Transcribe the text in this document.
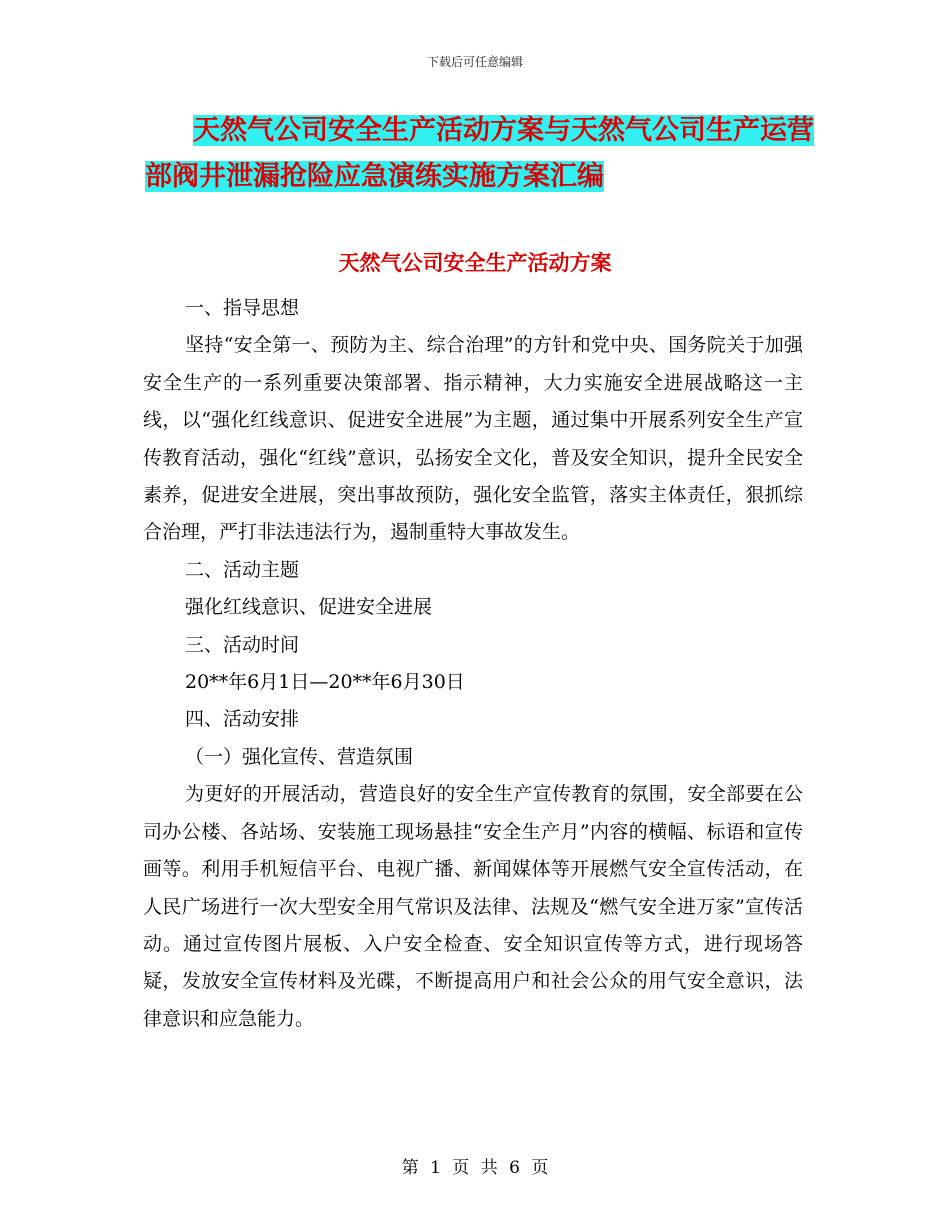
下载后可任意编辑
天然气公司安全生产活动方案与天然气公司生产运营
部阀井泄漏抢险应急演练实施方案汇编
天然气公司安全生产活动方案

一、指导思想

坚持“安全第一、预防为主、综合治理”的方针和党中央、国务院关于加强安全生产的一系列重要决策部署、指示精神，大力实施安全进展战略这一主线，以“强化红线意识、促进安全进展”为主题，通过集中开展系列安全生产宣传教育活动，强化“红线”意识，弘扬安全文化，普及安全知识，提升全民安全素养，促进安全进展，突出事故预防，强化安全监管，落实主体责任，狠抓综合治理，严打非法违法行为，遏制重特大事故发生。

二、活动主题

强化红线意识、促进安全进展

三、活动时间

20**年6月1日—20**年6月30日

四、活动安排

（一）强化宣传、营造氛围

为更好的开展活动，营造良好的安全生产宣传教育的氛围，安全部要在公司办公楼、各站场、安装施工现场悬挂“安全生产月”内容的横幅、标语和宣传画等。利用手机短信平台、电视广播、新闻媒体等开展燃气安全宣传活动，在人民广场进行一次大型安全用气常识及法律、法规及“燃气安全进万家”宣传活动。通过宣传图片展板、入户安全检查、安全知识宣传等方式，进行现场答疑，发放安全宣传材料及光碟，不断提高用户和社会公众的用气安全意识，法律意识和应急能力。

第 1 页 共 6 页
